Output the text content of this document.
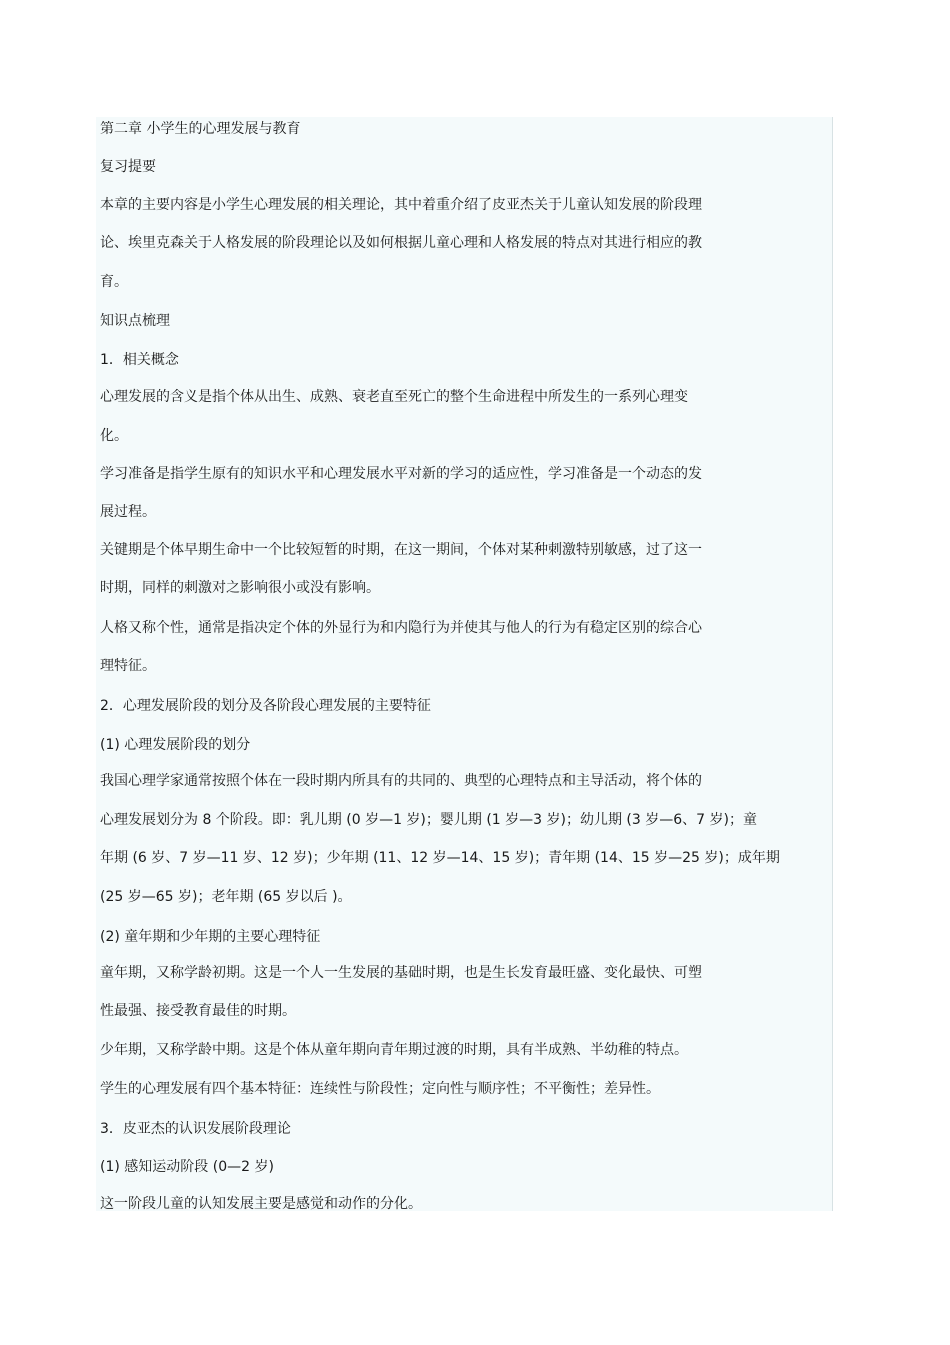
第二章 小学生的心理发展与教育

复习提要

本章的主要内容是小学生心理发展的相关理论，其中着重介绍了皮亚杰关于儿童认知发展的阶段理

论、埃里克森关于人格发展的阶段理论以及如何根据儿童心理和人格发展的特点对其进行相应的教

育。

知识点梳理

1．相关概念

心理发展的含义是指个体从出生、成熟、衰老直至死亡的整个生命进程中所发生的一系列心理变

化。

学习准备是指学生原有的知识水平和心理发展水平对新的学习的适应性，学习准备是一个动态的发

展过程。

关键期是个体早期生命中一个比较短暂的时期，在这一期间，个体对某种刺激特别敏感，过了这一

时期，同样的刺激对之影响很小或没有影响。

人格又称个性，通常是指决定个体的外显行为和内隐行为并使其与他人的行为有稳定区别的综合心

理特征。

2．心理发展阶段的划分及各阶段心理发展的主要特征

(1) 心理发展阶段的划分

我国心理学家通常按照个体在一段时期内所具有的共同的、典型的心理特点和主导活动，将个体的

心理发展划分为 8 个阶段。即：乳儿期 (0 岁—1 岁)；婴儿期 (1 岁—3 岁)；幼儿期 (3 岁—6、7 岁)；童

年期 (6 岁、7 岁—11 岁、12 岁)；少年期 (11、12 岁—14、15 岁)；青年期 (14、15 岁—25 岁)；成年期

(25 岁—65 岁)；老年期 (65 岁以后 )。

(2) 童年期和少年期的主要心理特征

童年期，又称学龄初期。这是一个人一生发展的基础时期，也是生长发育最旺盛、变化最快、可塑

性最强、接受教育最佳的时期。

少年期，又称学龄中期。这是个体从童年期向青年期过渡的时期，具有半成熟、半幼稚的特点。

学生的心理发展有四个基本特征：连续性与阶段性；定向性与顺序性；不平衡性；差异性。

3．皮亚杰的认识发展阶段理论

(1) 感知运动阶段 (0—2 岁)

这一阶段儿童的认知发展主要是感觉和动作的分化。
